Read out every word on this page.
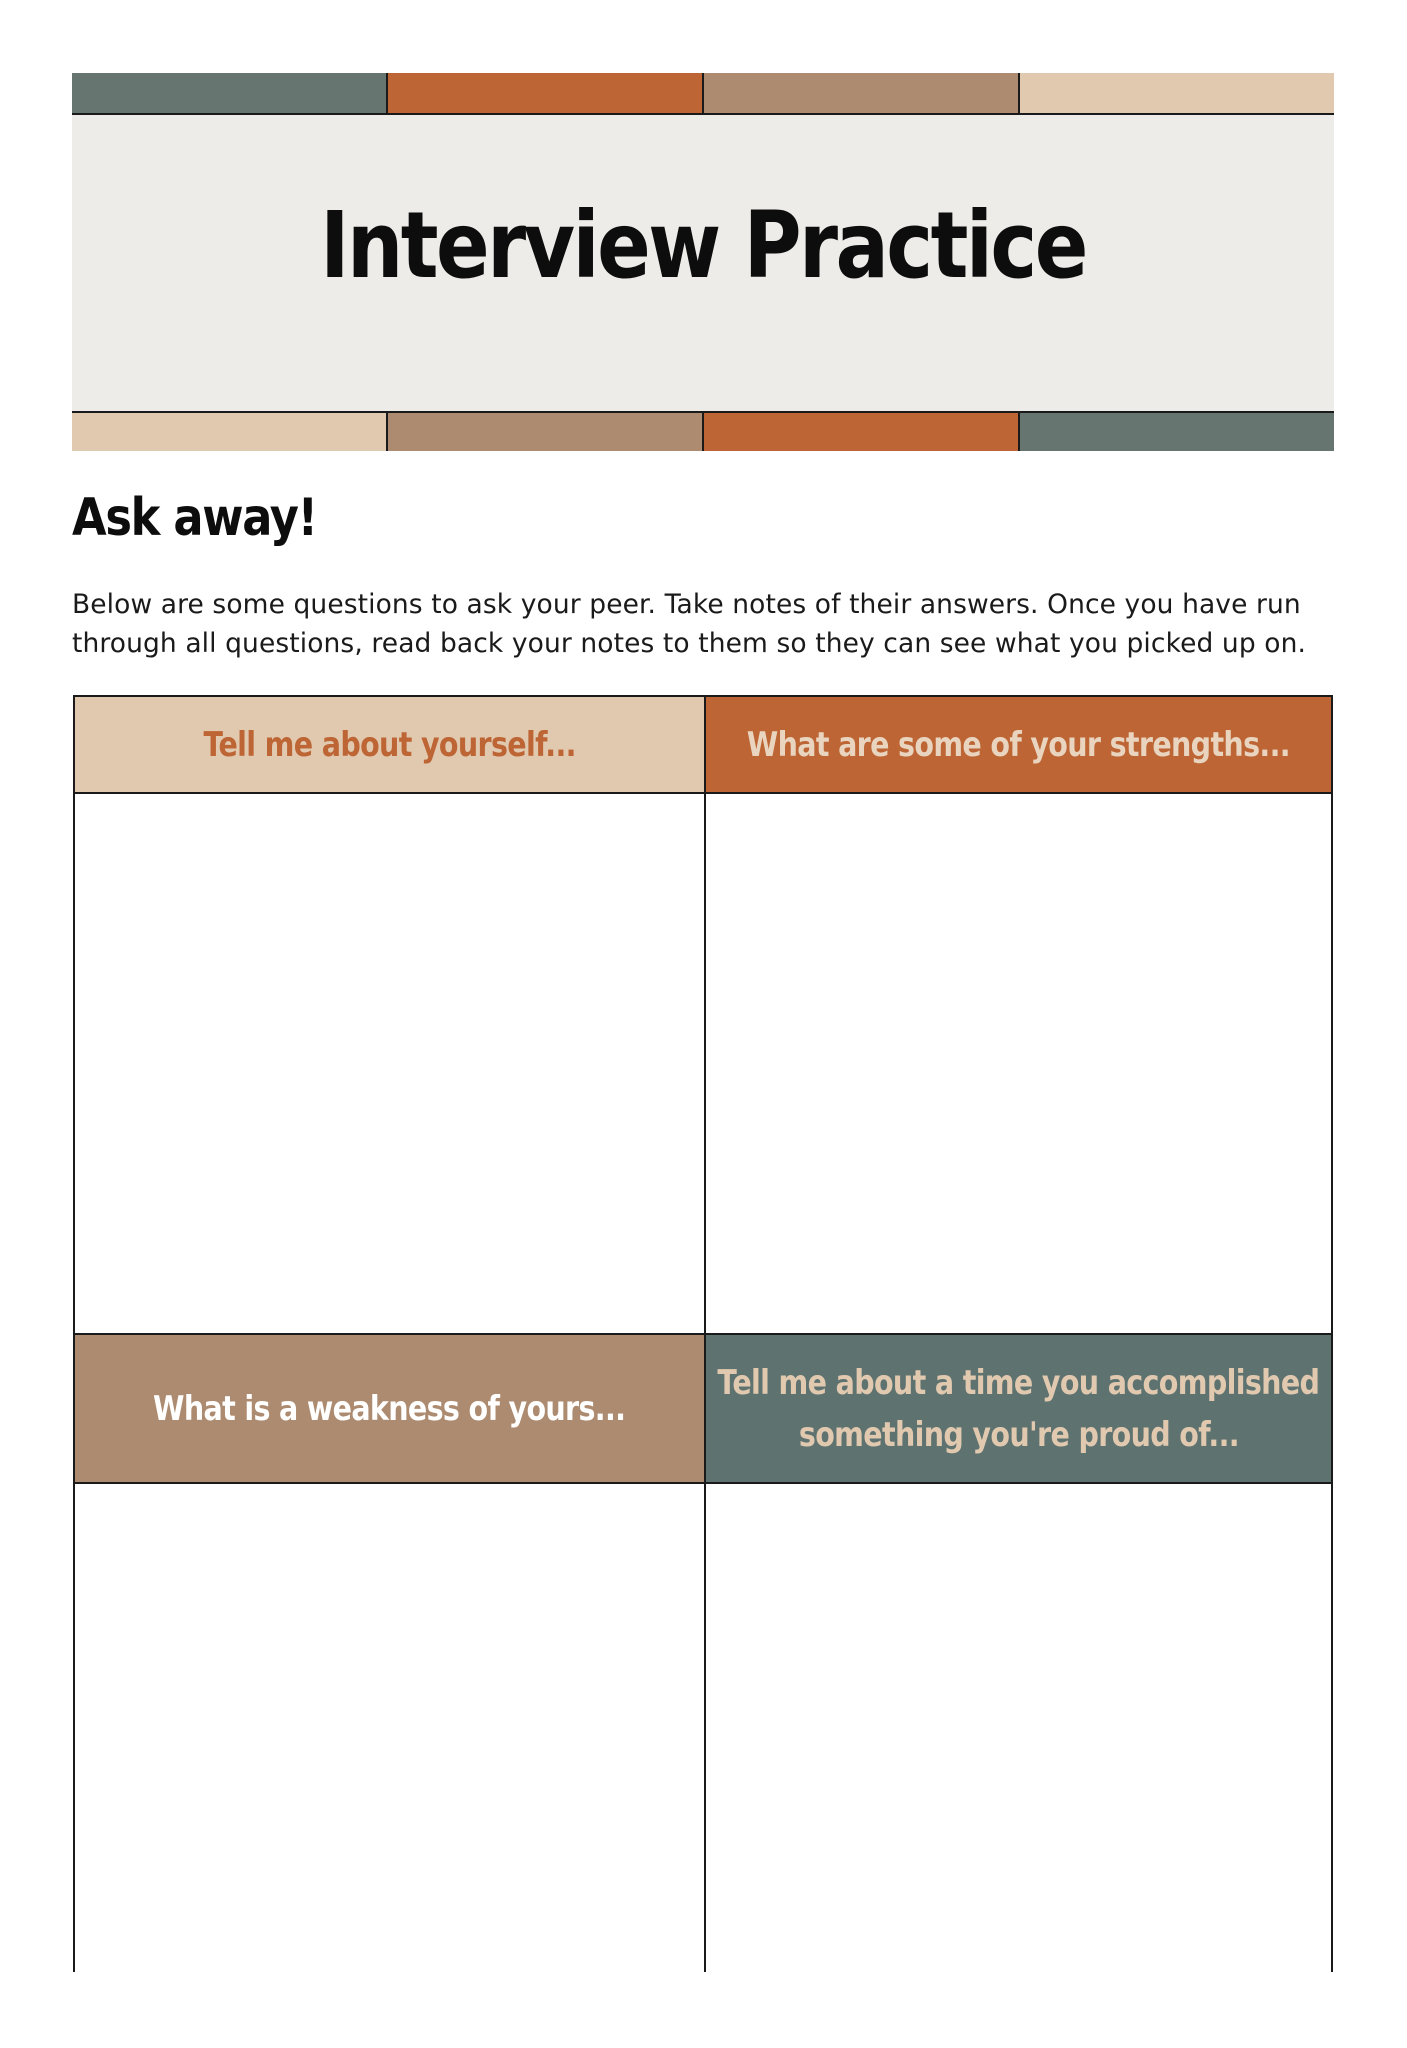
Interview Practice
Ask away!
Below are some questions to ask your peer. Take notes of their answers. Once you have run
through all questions, read back your notes to them so they can see what you picked up on.
Tell me about yourself...	What are some of your strengths...
What is a weakness of yours...
Tell me about a time you accomplished
something you're proud of...
